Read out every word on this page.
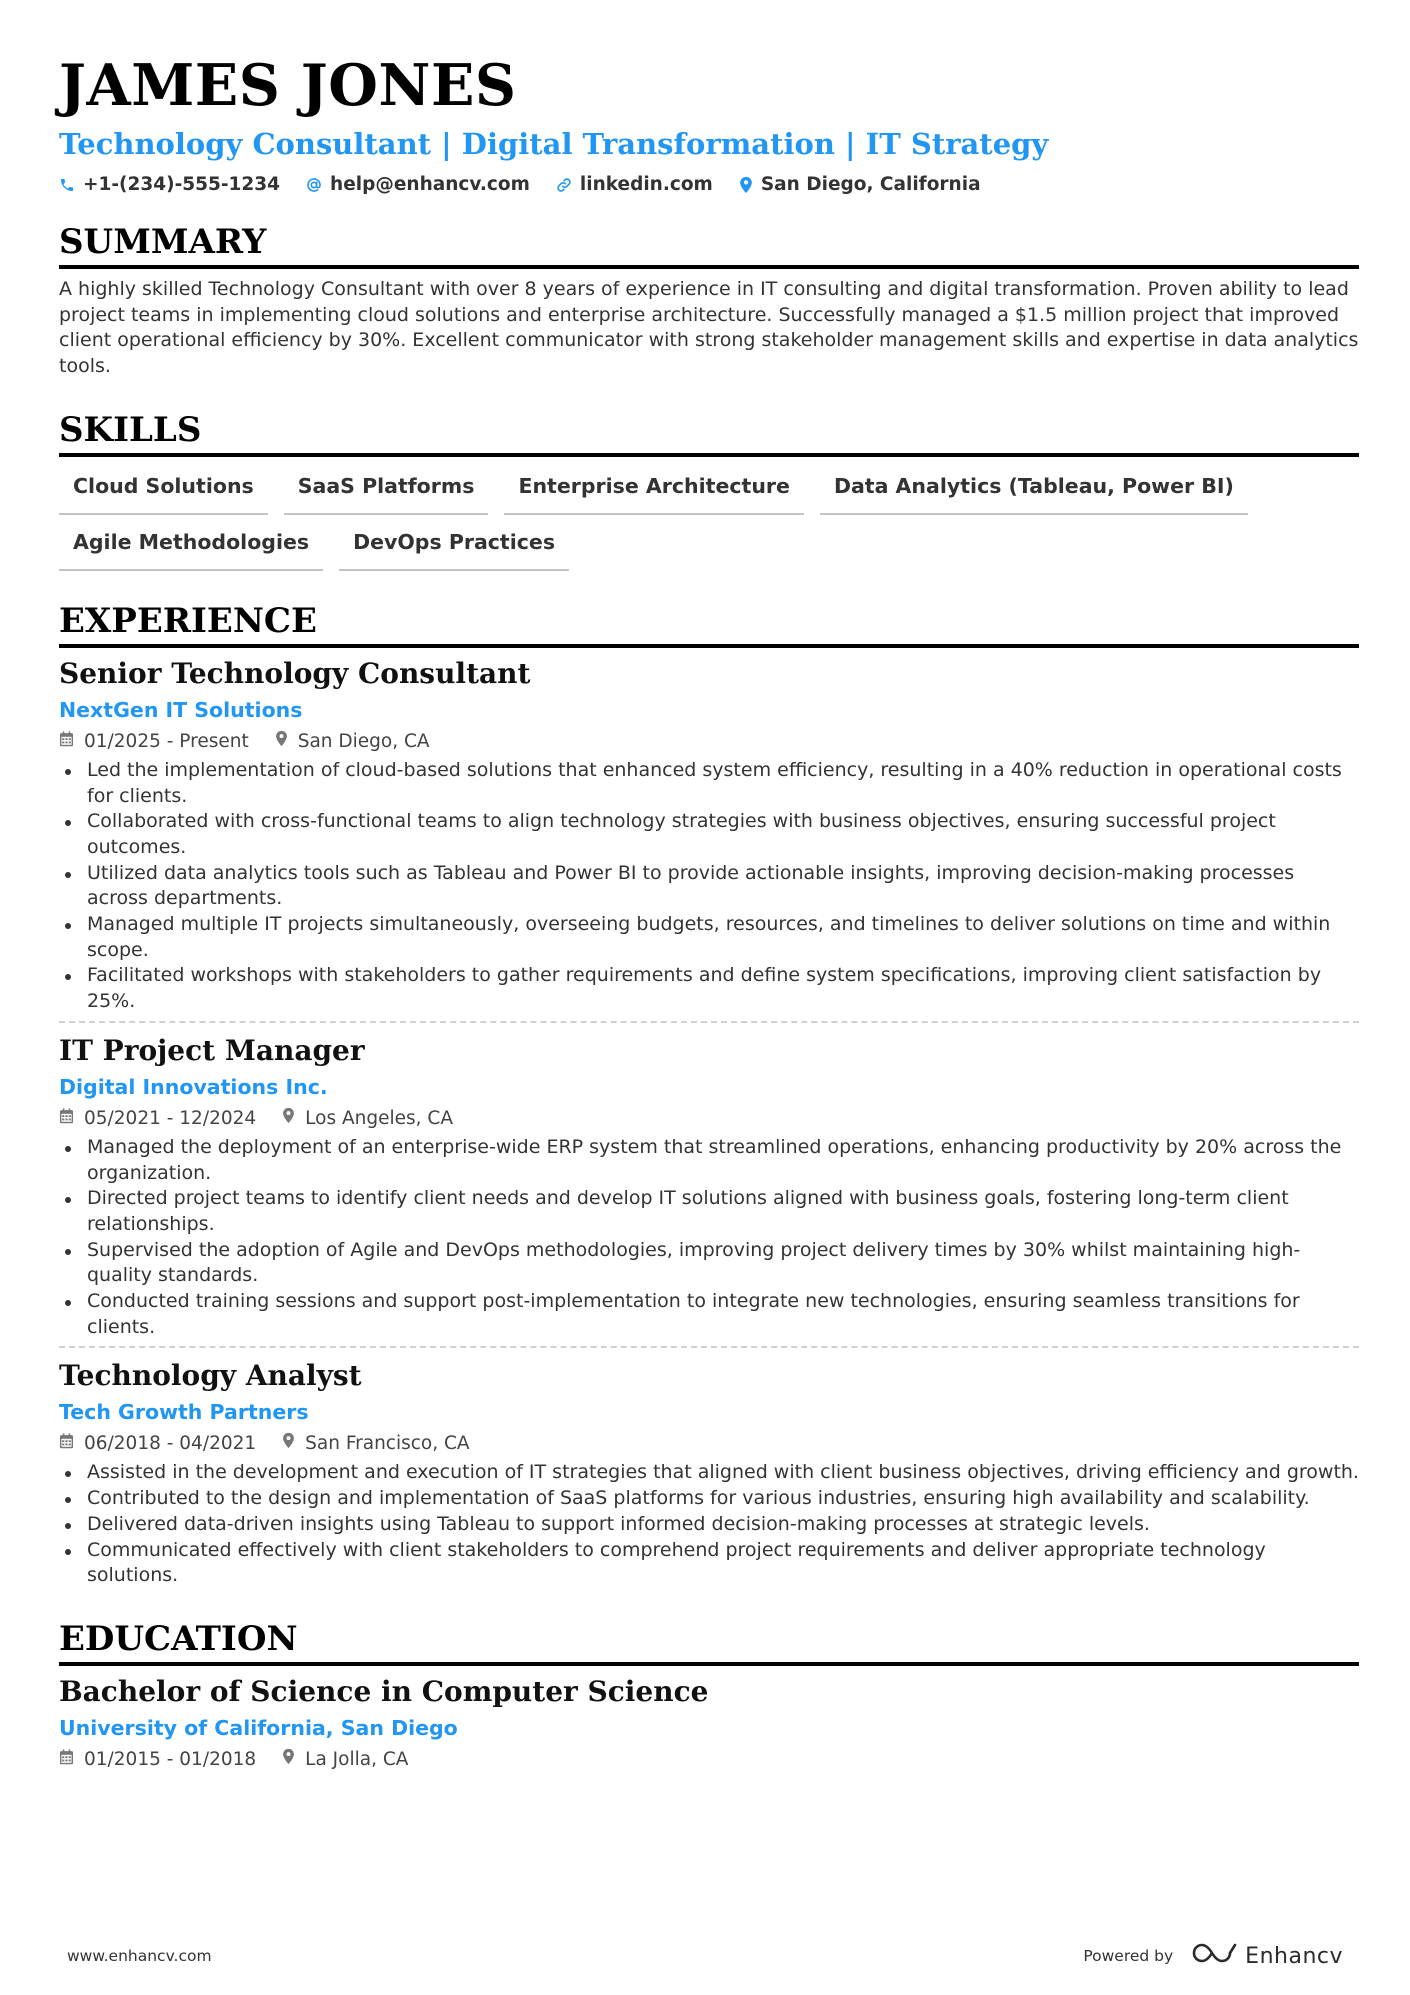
JAMES JONES
Technology Consultant | Digital Transformation | IT Strategy
+1-(234)-555-1234	help@enhancv.com	linkedin.com	San Diego, California
SUMMARY

A highly skilled Technology Consultant with over 8 years of experience in IT consulting and digital transformation. Proven ability to lead project teams in implementing cloud solutions and enterprise architecture. Successfully managed a $1.5 million project that improved client operational efficiency by 30%. Excellent communicator with strong stakeholder management skills and expertise in data analytics tools.

SKILLS
Cloud Solutions	SaaS Platforms	Enterprise Architecture	Data Analytics (Tableau, Power BI)
Agile Methodologies	DevOps Practices
EXPERIENCE
Senior Technology Consultant
NextGen IT Solutions
01/2025 - Present	San Diego, CA
Led the implementation of cloud-based solutions that enhanced system efficiency, resulting in a 40% reduction in operational costs for clients.
Collaborated with cross-functional teams to align technology strategies with business objectives, ensuring successful project outcomes.
Utilized data analytics tools such as Tableau and Power BI to provide actionable insights, improving decision-making processes across departments.
Managed multiple IT projects simultaneously, overseeing budgets, resources, and timelines to deliver solutions on time and within scope.
Facilitated workshops with stakeholders to gather requirements and define system specifications, improving client satisfaction by 25%.
IT Project Manager
Digital Innovations Inc.
05/2021 - 12/2024	Los Angeles, CA
Managed the deployment of an enterprise-wide ERP system that streamlined operations, enhancing productivity by 20% across the organization.
Directed project teams to identify client needs and develop IT solutions aligned with business goals, fostering long-term client relationships.
Supervised the adoption of Agile and DevOps methodologies, improving project delivery times by 30% whilst maintaining high-quality standards.
Conducted training sessions and support post-implementation to integrate new technologies, ensuring seamless transitions for clients.
Technology Analyst
Tech Growth Partners
06/2018 - 04/2021	San Francisco, CA
Assisted in the development and execution of IT strategies that aligned with client business objectives, driving efficiency and growth.
Contributed to the design and implementation of SaaS platforms for various industries, ensuring high availability and scalability.
Delivered data-driven insights using Tableau to support informed decision-making processes at strategic levels.
Communicated effectively with client stakeholders to comprehend project requirements and deliver appropriate technology solutions.
EDUCATION
Bachelor of Science in Computer Science
University of California, San Diego
01/2015 - 01/2018	La Jolla, CA
www.enhancv.com	Powered by	Enhancv
